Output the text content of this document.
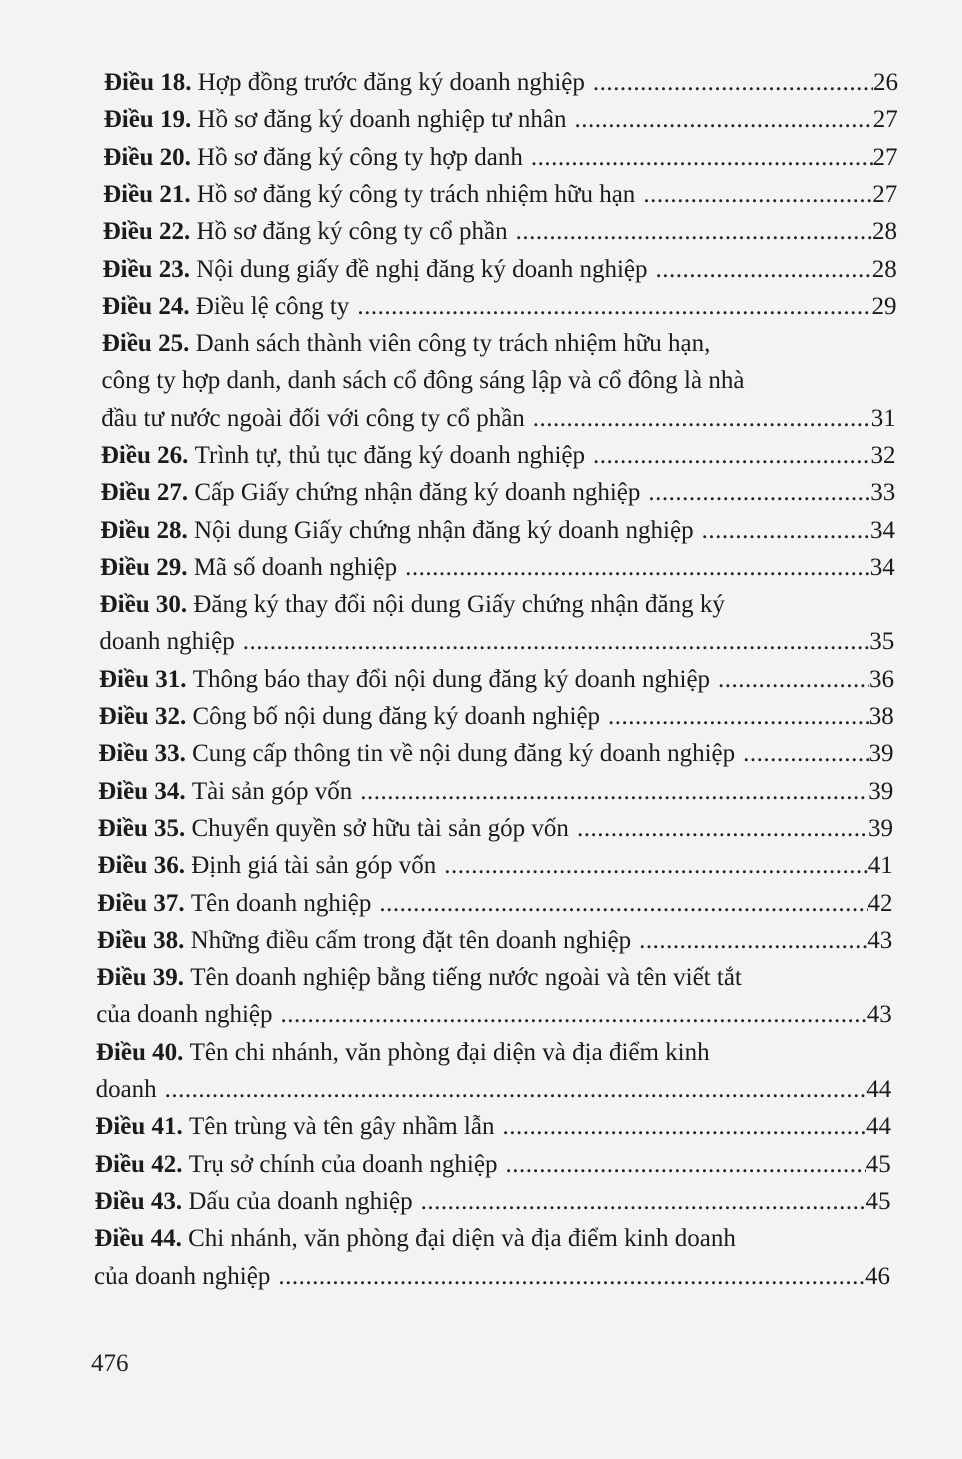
Điều 18.
Hợp đồng trước đăng ký doanh nghiệp .....	26
Điều 19.
Hồ sơ đăng ký doanh nghiệp tư nhân .....	27
Điều 20.
Hồ sơ đăng ký công ty hợp danh .....	27
Điều 21.
Hồ sơ đăng ký công ty trách nhiệm hữu hạn .....	27
Điều 22.
Hồ sơ đăng ký công ty cổ phần .....	28
Điều 23.
Nội dung giấy đề nghị đăng ký doanh nghiệp .....	28
Điều 24.
Điều lệ công ty .....	29
Điều 25.
Danh sách thành viên công ty trách nhiệm hữu hạn,
công ty hợp danh, danh sách cổ đông sáng lập và cổ đông là nhà
đầu tư nước ngoài đối với công ty cổ phần .....	31
Điều 26.
Trình tự, thủ tục đăng ký doanh nghiệp .....	32
Điều 27.
Cấp Giấy chứng nhận đăng ký doanh nghiệp .....	33
Điều 28.
Nội dung Giấy chứng nhận đăng ký doanh nghiệp .....	34
Điều 29.
Mã số doanh nghiệp .....	34
Điều 30.
Đăng ký thay đổi nội dung Giấy chứng nhận đăng ký
doanh nghiệp .....	35
Điều 31.
Thông báo thay đổi nội dung đăng ký doanh nghiệp .....	36
Điều 32.
Công bố nội dung đăng ký doanh nghiệp .....	38
Điều 33.
Cung cấp thông tin về nội dung đăng ký doanh nghiệp .....	39
Điều 34.
Tài sản góp vốn .....	39
Điều 35.
Chuyển quyền sở hữu tài sản góp vốn .....	39
Điều 36.
Định giá tài sản góp vốn .....	41
Điều 37.
Tên doanh nghiệp .....	42
Điều 38.
Những điều cấm trong đặt tên doanh nghiệp .....	43
Điều 39.
Tên doanh nghiệp bằng tiếng nước ngoài và tên viết tắt
của doanh nghiệp .....	43
Điều 40.
Tên chi nhánh, văn phòng đại diện và địa điểm kinh
doanh .....	44
Điều 41.
Tên trùng và tên gây nhầm lẫn .....	44
Điều 42.
Trụ sở chính của doanh nghiệp .....	45
Điều 43.
Dấu của doanh nghiệp .....	45
Điều 44.
Chi nhánh, văn phòng đại diện và địa điểm kinh doanh
của doanh nghiệp .....	46
476
